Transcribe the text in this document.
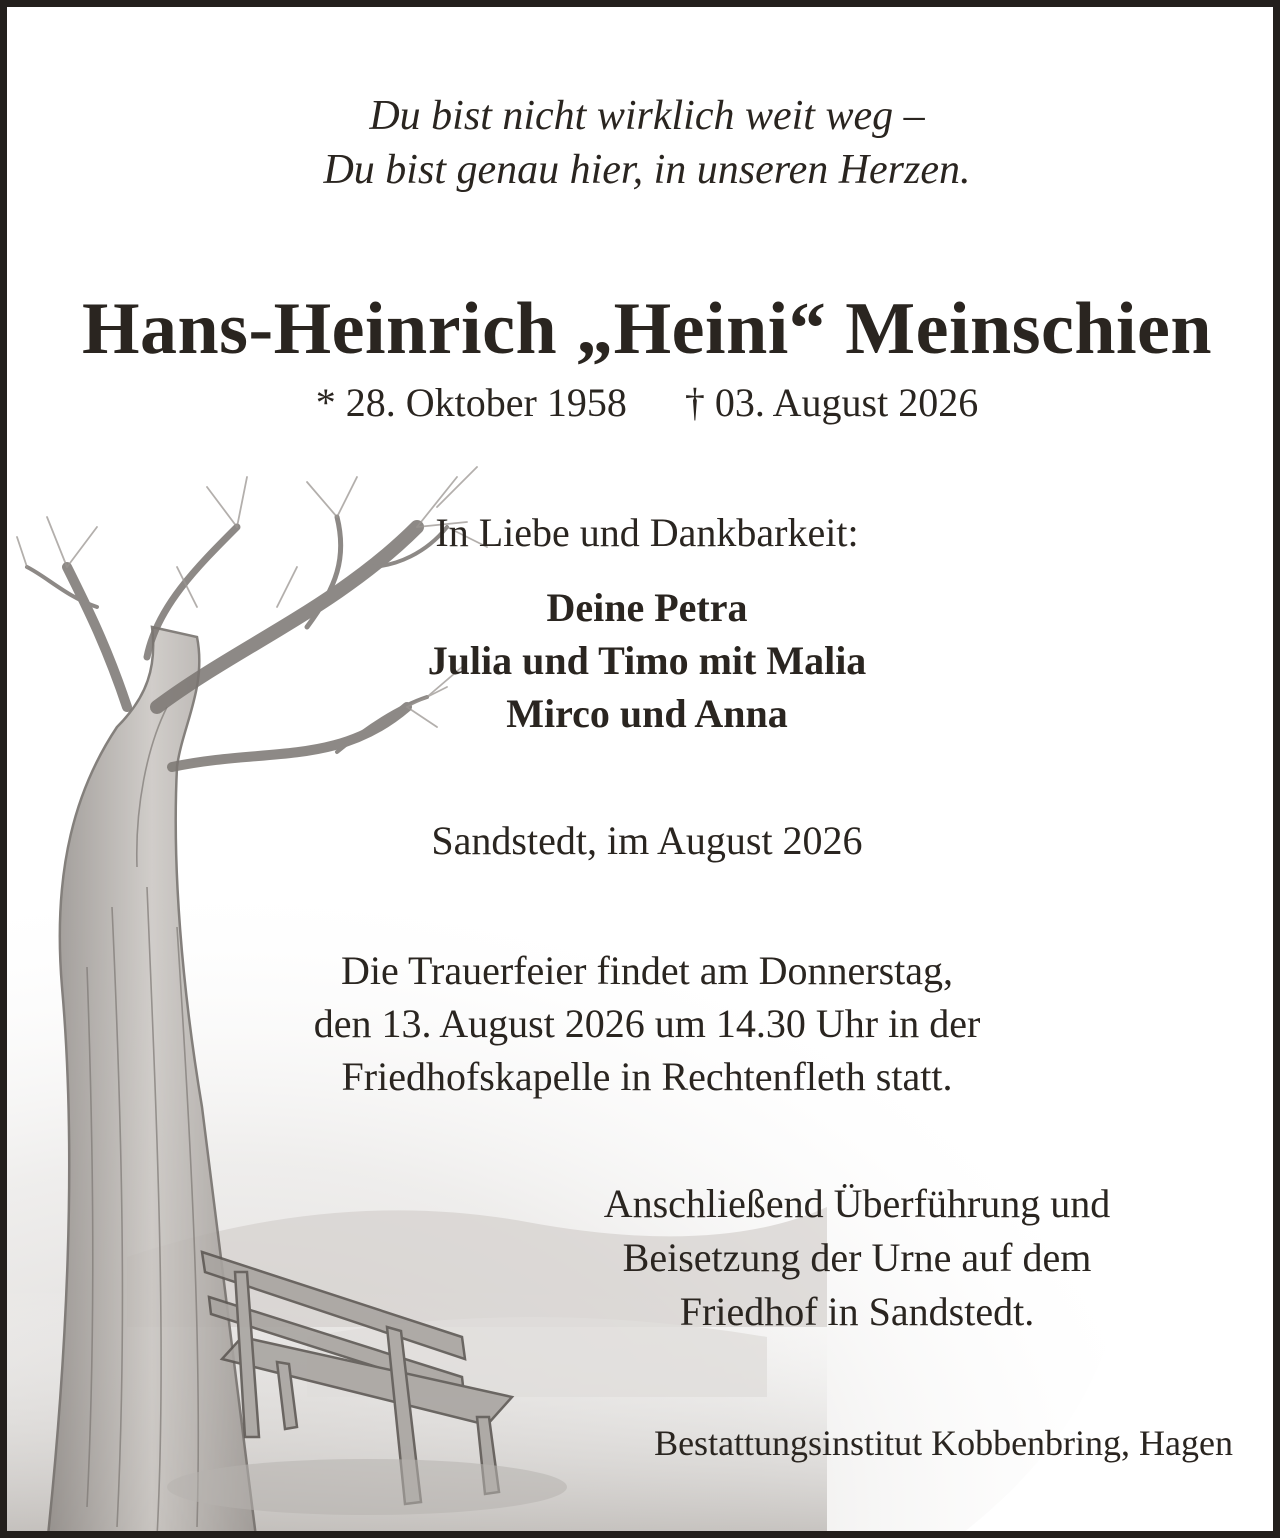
Du bist nicht wirklich weit weg –

Du bist genau hier, in unseren Herzen.

Hans-Heinrich „Heini“ Meinschien

* 28. Oktober 1958 † 03. August 2026

In Liebe und Dankbarkeit:

Deine Petra

Julia und Timo mit Malia

Mirco und Anna

Sandstedt, im August 2026

Die Trauerfeier findet am Donnerstag,

den 13. August 2026 um 14.30 Uhr in der

Friedhofskapelle in Rechtenfleth statt.

Anschließend Überführung und
Beisetzung der Urne auf dem
Friedhof in Sandstedt.
Bestattungsinstitut Kobbenbring, Hagen
